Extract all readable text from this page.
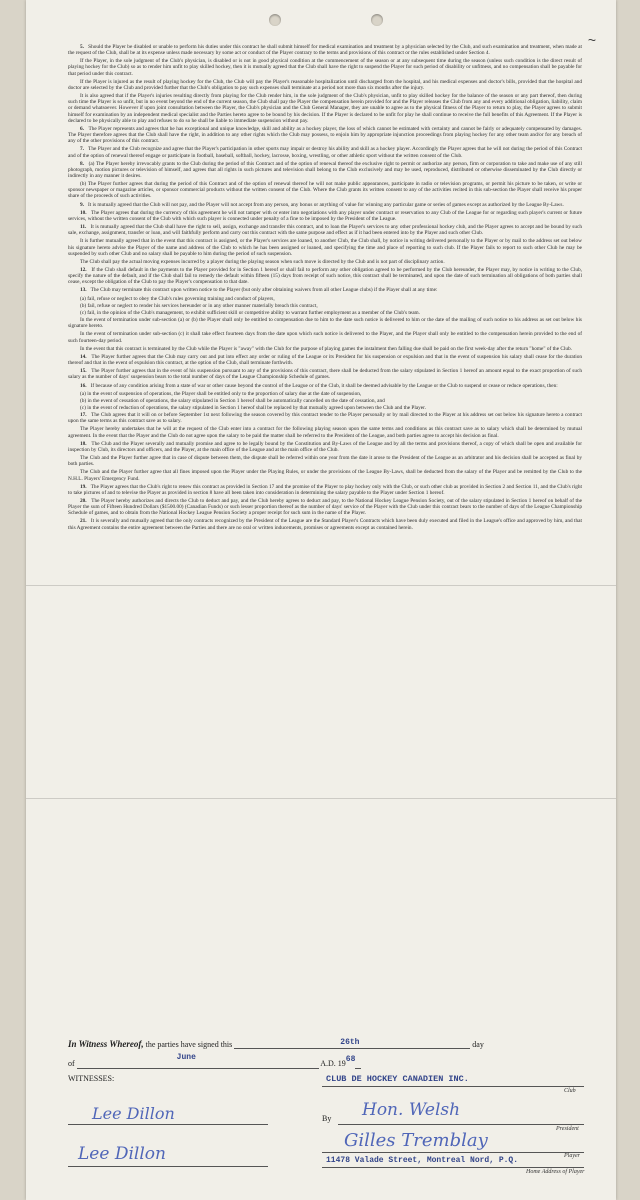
~

5. Should the Player be disabled or unable to perform his duties under this contract he shall submit himself for medical examination and treatment by a physician selected by the Club, and such examination and treatment, when made at the request of the Club, shall be at its expense unless made necessary by some act or conduct of the Player contrary to the terms and provisions of this contract or the rules established under Section 4.

If the Player, in the sole judgment of the Club's physician, is disabled or is not in good physical condition at the commencement of the season or at any subsequent time during the season (unless such condition is the direct result of playing hockey for the Club) so as to render him unfit to play skilled hockey, then it is mutually agreed that the Club shall have the right to suspend the Player for such period of disability or unfitness, and no compensation shall be payable for that period under this contract.

If the Player is injured as the result of playing hockey for the Club, the Club will pay the Player's reasonable hospitalization until discharged from the hospital, and his medical expenses and doctor's bills, provided that the hospital and doctor are selected by the Club and provided further that the Club's obligation to pay such expenses shall terminate at a period not more than six months after the injury.

It is also agreed that if the Player's injuries resulting directly from playing for the Club render him, in the sole judgment of the Club's physician, unfit to play skilled hockey for the balance of the season or any part thereof, then during such time the Player is so unfit, but in no event beyond the end of the current season, the Club shall pay the Player the compensation herein provided for and the Player releases the Club from any and every additional obligation, liability, claim or demand whatsoever. However if upon joint consultation between the Player, the Club's physician and the Club General Manager, they are unable to agree as to the physical fitness of the Player to return to play, the Player agrees to submit himself for examination by an independent medical specialist and the Parties hereto agree to be bound by his decision. If the Player is declared to be unfit for play he shall continue to receive the full benefits of this Agreement. If the Player is declared to be physically able to play and refuses to do so he shall be liable to immediate suspension without pay.

6. The Player represents and agrees that he has exceptional and unique knowledge, skill and ability as a hockey player, the loss of which cannot be estimated with certainty and cannot be fairly or adequately compensated by damages. The Player therefore agrees that the Club shall have the right, in addition to any other rights which the Club may possess, to enjoin him by appropriate injunction proceedings from playing hockey for any other team and/or for any breach of any of the other provisions of this contract.

7. The Player and the Club recognize and agree that the Player's participation in other sports may impair or destroy his ability and skill as a hockey player. Accordingly the Player agrees that he will not during the period of this Contract and of the option of renewal thereof engage or participate in football, baseball, softball, hockey, lacrosse, boxing, wrestling, or other athletic sport without the written consent of the Club.

8. (a) The Player hereby irrevocably grants to the Club during the period of this Contract and of the option of renewal thereof the exclusive right to permit or authorize any person, firm or corporation to take and make use of any still photograph, motion pictures or television of himself, and agrees that all rights in such pictures and television shall belong to the Club exclusively and may be used, reproduced, distributed or otherwise disseminated by the Club directly or indirectly in any manner it desires.

(b) The Player further agrees that during the period of this Contract and of the option of renewal thereof he will not make public appearances, participate in radio or television programs, or permit his picture to be taken, or write or sponsor newspaper or magazine articles, or sponsor commercial products without the written consent of the Club. Where the Club grants its written consent to any of the activities recited in this sub-section the Player shall receive his proper share of the proceeds of such activities.

9. It is mutually agreed that the Club will not pay, and the Player will not accept from any person, any bonus or anything of value for winning any particular game or series of games except as authorized by the League By-Laws.

10. The Player agrees that during the currency of this agreement he will not tamper with or enter into negotiations with any player under contract or reservation to any Club of the League for or regarding such player's current or future services, without the written consent of the Club with which such player is connected under penalty of a fine to be imposed by the President of the League.

11. It is mutually agreed that the Club shall have the right to sell, assign, exchange and transfer this contract, and to loan the Player's services to any other professional hockey club, and the Player agrees to accept and be bound by such sale, exchange, assignment, transfer or loan, and will faithfully perform and carry out this contract with the same purpose and effect as if it had been entered into by the Player and such other Club.

It is further mutually agreed that in the event that this contract is assigned, or the Player's services are loaned, to another Club, the Club shall, by notice in writing delivered personally to the Player or by mail to the address set out below his signature hereto advise the Player of the name and address of the Club to which he has been assigned or loaned, and specifying the time and place of reporting to such club. If the Player fails to report to such other Club he may be suspended by such other Club and no salary shall be payable to him during the period of such suspension.

The Club shall pay the actual moving expenses incurred by a player during the playing season when such move is directed by the Club and is not part of disciplinary action.

12. If the Club shall default in the payments to the Player provided for in Section 1 hereof or shall fail to perform any other obligation agreed to be performed by the Club hereunder, the Player may, by notice in writing to the Club, specify the nature of the default, and if the Club shall fail to remedy the default within fifteen (15) days from receipt of such notice, this contract shall be terminated, and upon the date of such termination all obligations of both parties shall cease, except the obligation of the Club to pay the Player's compensation to that date.

13. The Club may terminate this contract upon written notice to the Player (but only after obtaining waivers from all other League clubs) if the Player shall at any time:

(a) fail, refuse or neglect to obey the Club's rules governing training and conduct of players,

(b) fail, refuse or neglect to render his services hereunder or in any other manner materially breach this contract,

(c) fail, in the opinion of the Club's management, to exhibit sufficient skill or competitive ability to warrant further employment as a member of the Club's team.

In the event of termination under sub-section (a) or (b) the Player shall only be entitled to compensation due to him to the date such notice is delivered to him or the date of the mailing of such notice to his address as set out below his signature hereto.

In the event of termination under sub-section (c) it shall take effect fourteen days from the date upon which such notice is delivered to the Player, and the Player shall only be entitled to the compensation herein provided to the end of such fourteen-day period.

In the event that this contract is terminated by the Club while the Player is "away" with the Club for the purpose of playing games the instalment then falling due shall be paid on the first week-day after the return "home" of the Club.

14. The Player further agrees that the Club may carry out and put into effect any order or ruling of the League or its President for his suspension or expulsion and that in the event of suspension his salary shall cease for the duration thereof and that in the event of expulsion this contract, at the option of the Club, shall terminate forthwith.

15. The Player further agrees that in the event of his suspension pursuant to any of the provisions of this contract, there shall be deducted from the salary stipulated in Section 1 hereof an amount equal to the exact proportion of such salary as the number of days' suspension bears to the total number of days of the League Championship Schedule of games.

16. If because of any condition arising from a state of war or other cause beyond the control of the League or of the Club, it shall be deemed advisable by the League or the Club to suspend or cease or reduce operations, then:

(a) in the event of suspension of operations, the Player shall be entitled only to the proportion of salary due at the date of suspension,

(b) in the event of cessation of operations, the salary stipulated in Section 1 hereof shall be automatically cancelled on the date of cessation, and

(c) in the event of reduction of operations, the salary stipulated in Section 1 hereof shall be replaced by that mutually agreed upon between the Club and the Player.

17. The Club agrees that it will on or before September 1st next following the season covered by this contract tender to the Player personally or by mail directed to the Player at his address set out below his signature hereto a contract upon the same terms as this contract save as to salary.

The Player hereby undertakes that he will at the request of the Club enter into a contract for the following playing season upon the same terms and conditions as this contract save as to salary which shall be determined by mutual agreement. In the event that the Player and the Club do not agree upon the salary to be paid the matter shall be referred to the President of the League, and both parties agree to accept his decision as final.

18. The Club and the Player severally and mutually promise and agree to be legally bound by the Constitution and By-Laws of the League and by all the terms and provisions thereof, a copy of which shall be open and available for inspection by Club, its directors and officers, and the Player, at the main office of the League and at the main office of the Club.

The Club and the Player further agree that in case of dispute between them, the dispute shall be referred within one year from the date it arose to the President of the League as an arbitrator and his decision shall be accepted as final by both parties.

The Club and the Player further agree that all fines imposed upon the Player under the Playing Rules, or under the provisions of the League By-Laws, shall be deducted from the salary of the Player and be remitted by the Club to the N.H.L. Players' Emergency Fund.

19. The Player agrees that the Club's right to renew this contract as provided in Section 17 and the promise of the Player to play hockey only with the Club, or such other club as provided in Section 2 and Section 11, and the Club's right to take pictures of and to televise the Player as provided in section 8 have all been taken into consideration in determining the salary payable to the Player under Section 1 hereof.

20. The Player hereby authorizes and directs the Club to deduct and pay, and the Club hereby agrees to deduct and pay, to the National Hockey League Pension Society, out of the salary stipulated in Section 1 hereof on behalf of the Player the sum of Fifteen Hundred Dollars ($1500.00) (Canadian Funds) or such lesser proportion thereof as the number of days' service of the Player with the Club under this contract bears to the number of days of the League Championship Schedule of games, and to obtain from the National Hockey League Pension Society a proper receipt for such sum in the name of the Player.

21. It is severally and mutually agreed that the only contracts recognized by the President of the League are the Standard Player's Contracts which have been duly executed and filed in the League's office and approved by him, and that this Agreement contains the entire agreement between the Parties and there are no oral or written inducements, promises or agreements except as contained herein.

In Witness Whereof, the parties have signed this	26th	day
of
June
A.D. 1968
WITNESSES:	CLUB DE HOCKEY CANADIEN INC.
Club
Lee Dillon	By Hon. Welsh
President
Gilles Tremblay
Player
Lee Dillon	11478 Valade Street, Montreal Nord, P.Q.
Home Address of Player
